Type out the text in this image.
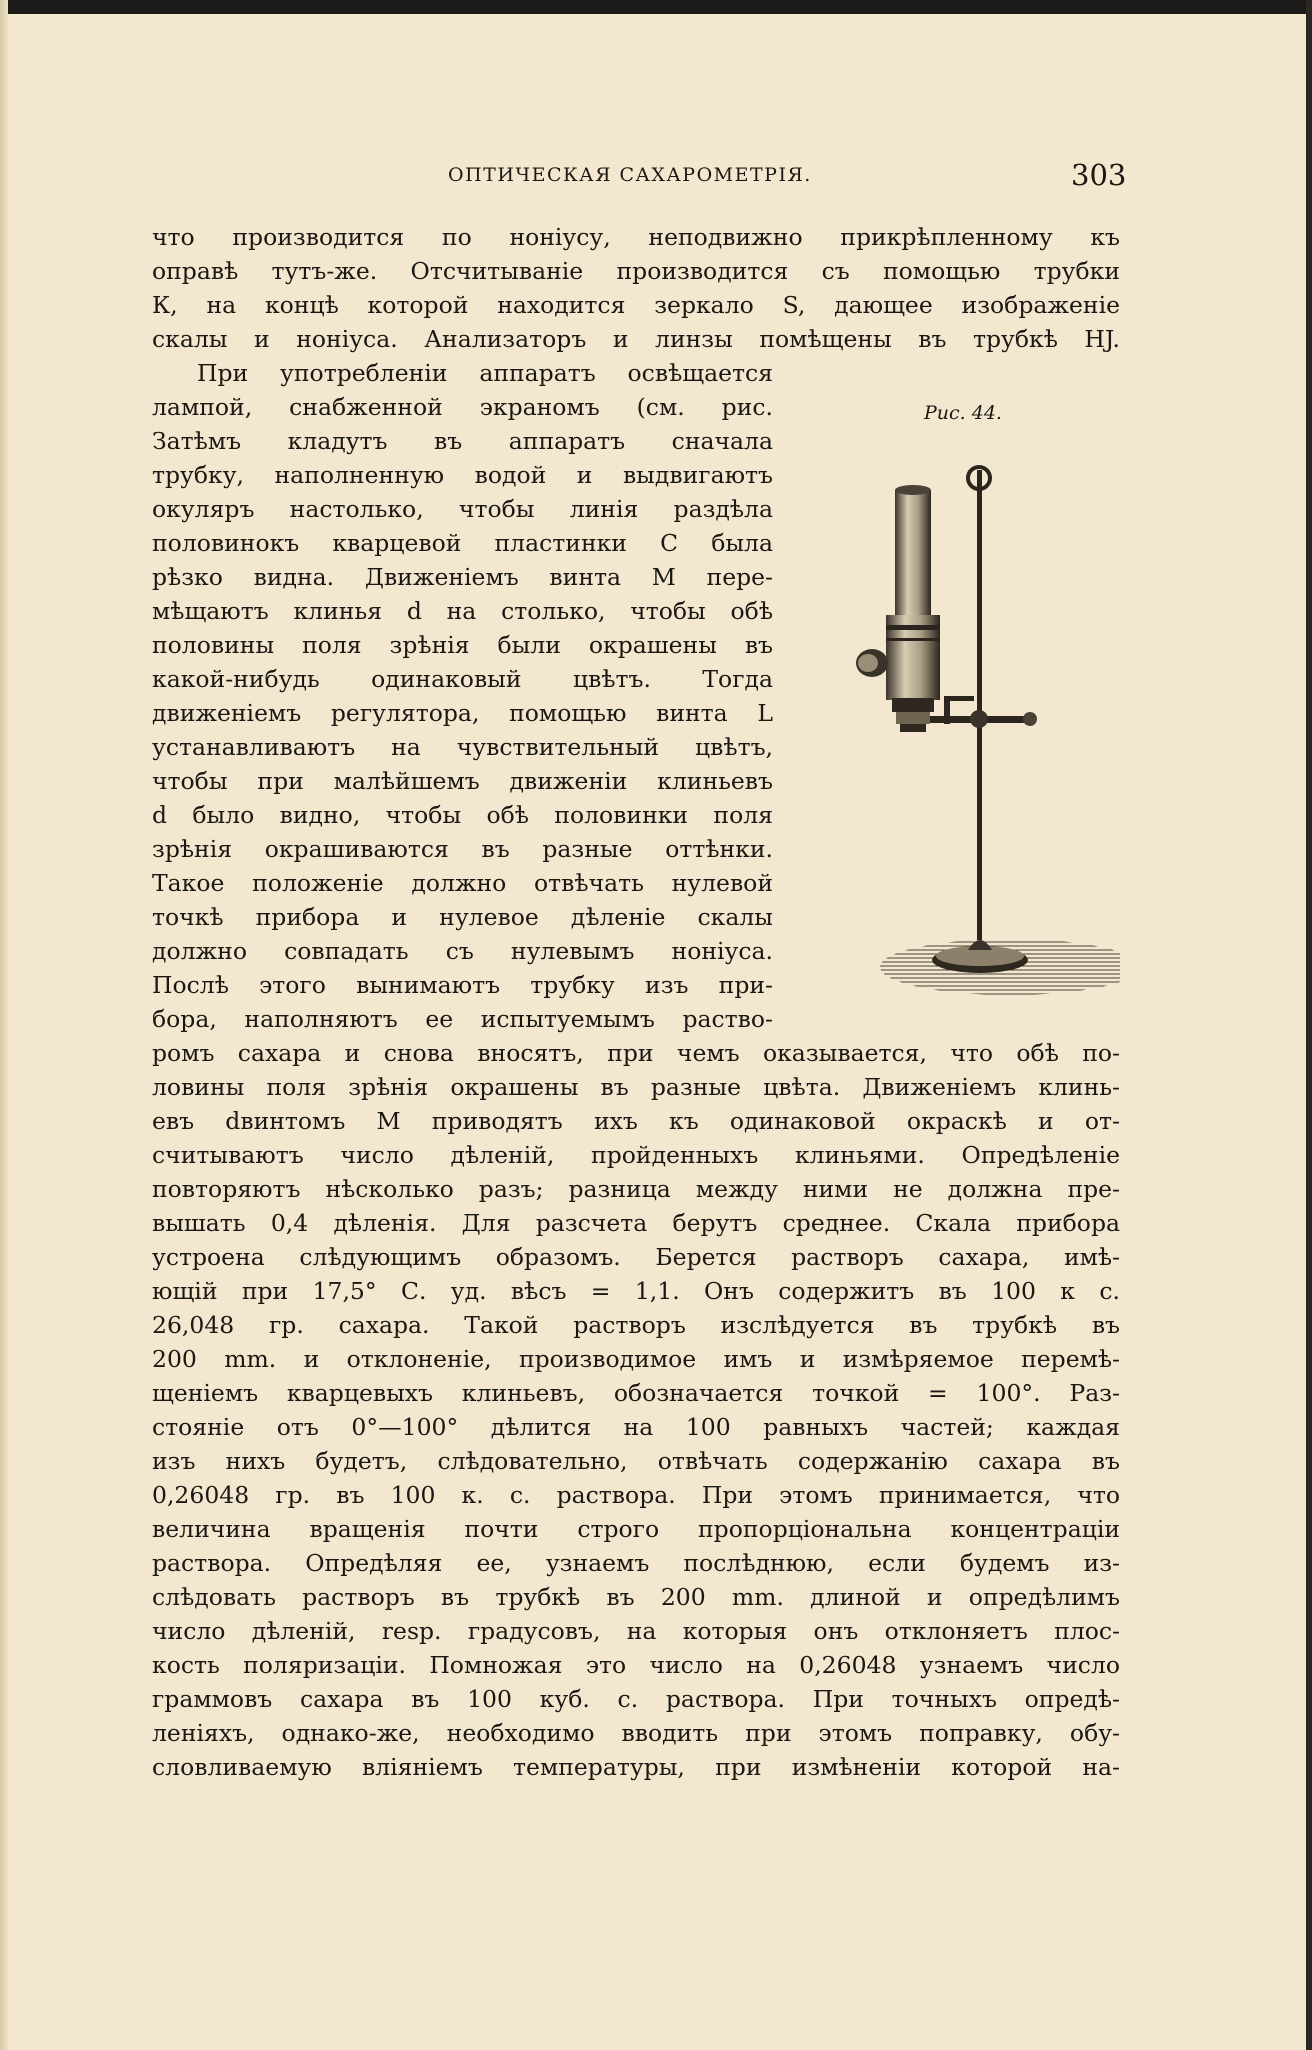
ОПТИЧЕСКАЯ САХАРОМЕТРІЯ.	303
что производится по ноніусу, неподвижно прикрѣпленному къ
оправѣ тутъ-же. Отсчитываніе производится съ помощью трубки
К, на концѣ которой находится зеркало S, дающее изображеніе
скалы и ноніуса. Анализаторъ и линзы помѣщены въ трубкѣ HJ.
При употребленіи аппаратъ освѣщается
лампой, снабженной экраномъ (см. рис.
Затѣмъ кладутъ въ аппаратъ сначала
трубку, наполненную водой и выдвигаютъ
окуляръ настолько, чтобы линія раздѣла
половинокъ кварцевой пластинки С была
рѣзко видна. Движеніемъ винта М пере-
мѣщаютъ клинья d на столько, чтобы обѣ
половины поля зрѣнія были окрашены въ
какой-нибудь одинаковый цвѣтъ. Тогда
движеніемъ регулятора, помощью винта L
устанавливаютъ на чувствительный цвѣтъ,
чтобы при малѣйшемъ движеніи клиньевъ
d было видно, чтобы обѣ половинки поля
зрѣнія окрашиваются въ разные оттѣнки.
Такое положеніе должно отвѣчать нулевой
точкѣ прибора и нулевое дѣленіе скалы
должно совпадать съ нулевымъ ноніуса.
Послѣ этого вынимаютъ трубку изъ при-
бора, наполняютъ ее испытуемымъ раство-
ромъ сахара и снова вносятъ, при чемъ оказывается, что обѣ по-
ловины поля зрѣнія окрашены въ разные цвѣта. Движеніемъ клинь-
евъ dвинтомъ М приводятъ ихъ къ одинаковой окраскѣ и от-
считываютъ число дѣленій, пройденныхъ клиньями. Опредѣленіе
повторяютъ нѣсколько разъ; разница между ними не должна пре-
вышать 0,4 дѣленія. Для разсчета берутъ среднее. Скала прибора
устроена слѣдующимъ образомъ. Берется растворъ сахара, имѣ-
ющій при 17,5° С. уд. вѣсъ = 1,1. Онъ содержитъ въ 100 к с.
26,048 гр. сахара. Такой растворъ изслѣдуется въ трубкѣ въ
200 mm. и отклоненіе, производимое имъ и измѣряемое перемѣ-
щеніемъ кварцевыхъ клиньевъ, обозначается точкой = 100°. Раз-
стояніе отъ 0°—100° дѣлится на 100 равныхъ частей; каждая
изъ нихъ будетъ, слѣдовательно, отвѣчать содержанію сахара въ
0,26048 гр. въ 100 к. с. раствора. При этомъ принимается, что
величина вращенія почти строго пропорціональна концентраціи
раствора. Опредѣляя ее, узнаемъ послѣднюю, если будемъ из-
слѣдовать растворъ въ трубкѣ въ 200 mm. длиной и опредѣлимъ
число дѣленій, resp. градусовъ, на которыя онъ отклоняетъ плос-
кость поляризаціи. Помножая это число на 0,26048 узнаемъ число
граммовъ сахара въ 100 куб. с. раствора. При точныхъ опредѣ-
леніяхъ, однако-же, необходимо вводить при этомъ поправку, обу-
словливаемую вліяніемъ температуры, при измѣненіи которой на-
Рис. 44.
